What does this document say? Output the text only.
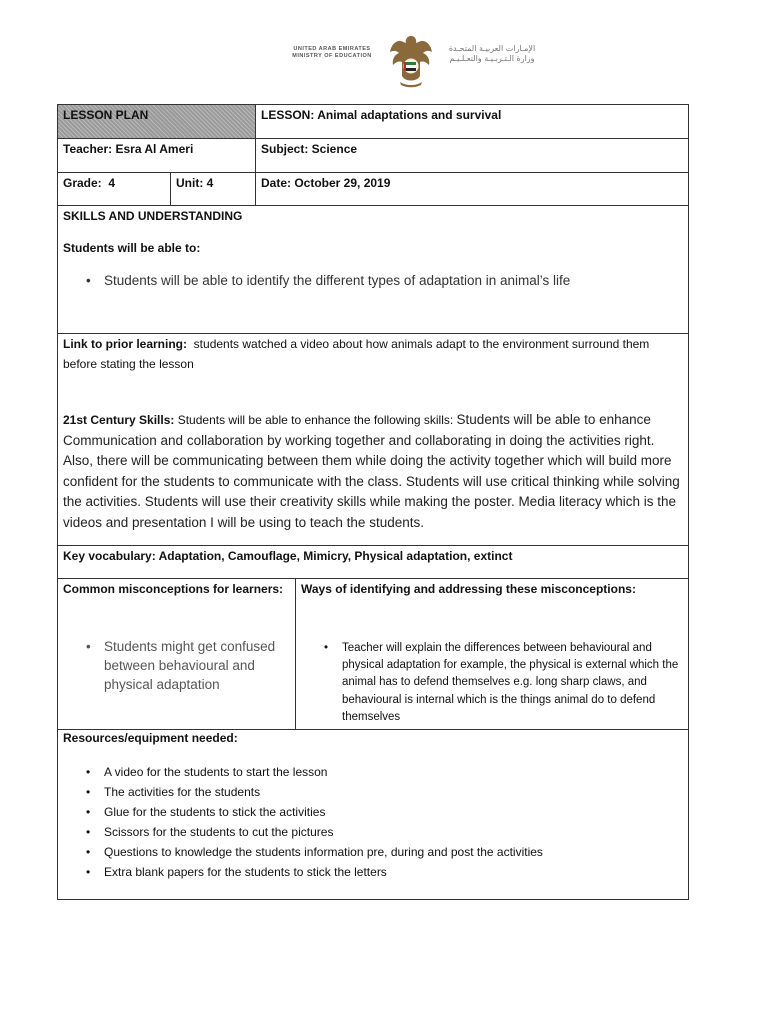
UNITED ARAB EMIRATES
MINISTRY OF EDUCATION
الإمـارات العربيـة المتحـدة
وزارة الـتـربـيـة والتعـلـيـم
LESSON PLAN	LESSON: Animal adaptations and survival
Teacher: Esra Al Ameri	Subject: Science
Grade:  4	Unit: 4	Date: October 29, 2019
SKILLS AND UNDERSTANDING
Students will be able to:
• Students will be able to identify the different types of adaptation in animal’s life
Link to prior learning:  students watched a video about how animals adapt to the environment surround them before stating the lesson
21st Century Skills: Students will be able to enhance the following skills: Students will be able to enhance Communication and collaboration by working together and collaborating in doing the activities right. Also, there will be communicating between them while doing the activity together which will build more confident for the students to communicate with the class. Students will use critical thinking while solving the activities. Students will use their creativity skills while making the poster. Media literacy which is the videos and presentation I will be using to teach the students.
Key vocabulary: Adaptation, Camouflage, Mimicry, Physical adaptation, extinct
Common misconceptions for learners:
• Students might get confused between behavioural and physical adaptation
Ways of identifying and addressing these misconceptions:
• Teacher will explain the differences between behavioural and physical adaptation for example, the physical is external which the animal has to defend themselves e.g. long sharp claws, and behavioural is internal which is the things animal do to defend themselves
Resources/equipment needed:
• A video for the students to start the lesson
• The activities for the students
• Glue for the students to stick the activities
• Scissors for the students to cut the pictures
• Questions to knowledge the students information pre, during and post the activities
• Extra blank papers for the students to stick the letters
